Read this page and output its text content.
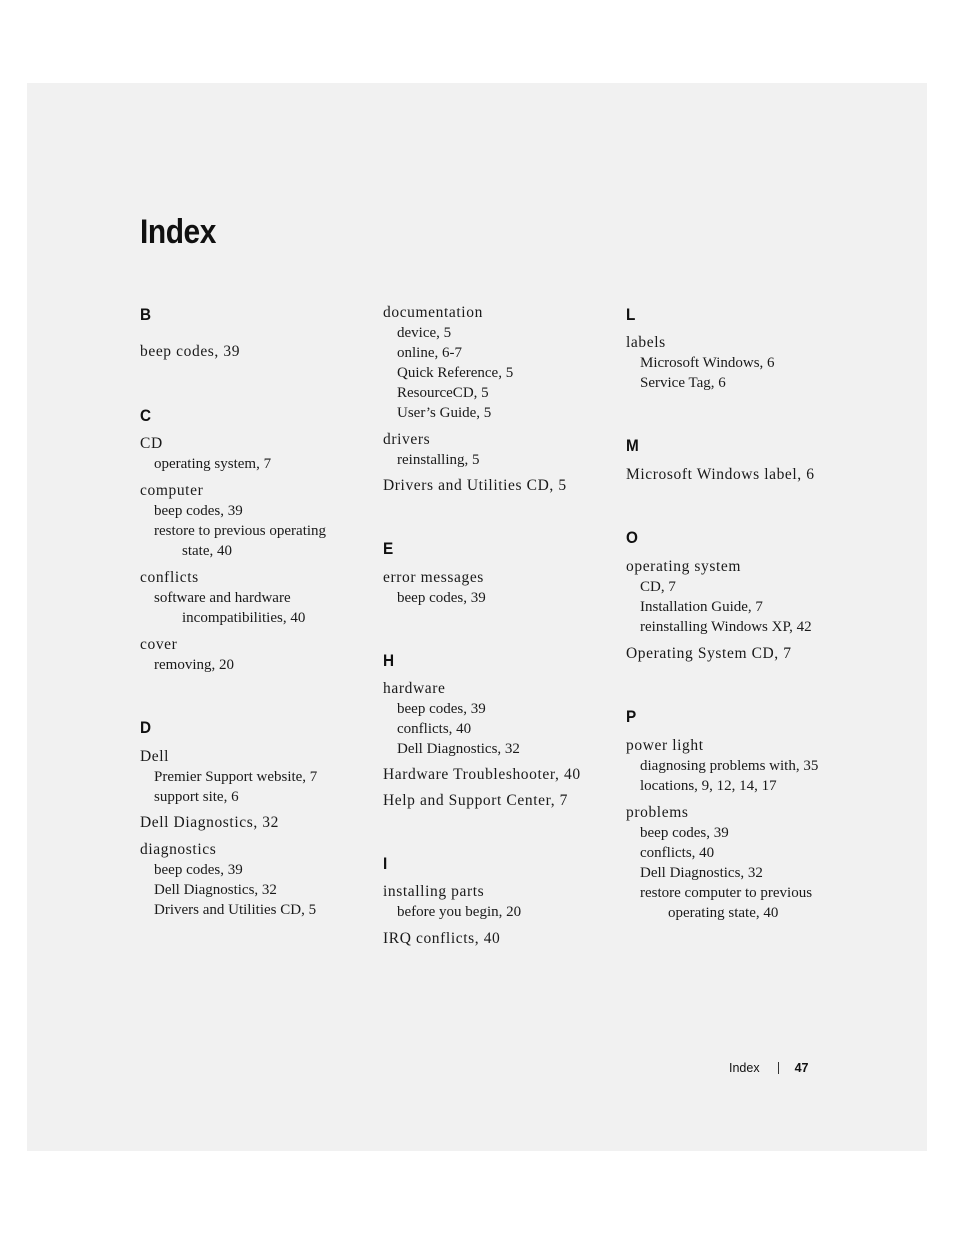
Index
B
beep codes, 39
C
CD
operating system, 7
computer
beep codes, 39
restore to previous operating
state, 40
conflicts
software and hardware
incompatibilities, 40
cover
removing, 20
D
Dell
Premier Support website, 7
support site, 6
Dell Diagnostics, 32
diagnostics
beep codes, 39
Dell Diagnostics, 32
Drivers and Utilities CD, 5
documentation
device, 5
online, 6-7
Quick Reference, 5
ResourceCD, 5
User’s Guide, 5
drivers
reinstalling, 5
Drivers and Utilities CD, 5
E
error messages
beep codes, 39
H
hardware
beep codes, 39
conflicts, 40
Dell Diagnostics, 32
Hardware Troubleshooter, 40
Help and Support Center, 7
I
installing parts
before you begin, 20
IRQ conflicts, 40
L
labels
Microsoft Windows, 6
Service Tag, 6
M
Microsoft Windows label, 6
O
operating system
CD, 7
Installation Guide, 7
reinstalling Windows XP, 42
Operating System CD, 7
P
power light
diagnosing problems with, 35
locations, 9, 12, 14, 17
problems
beep codes, 39
conflicts, 40
Dell Diagnostics, 32
restore computer to previous
operating state, 40
Index	47
